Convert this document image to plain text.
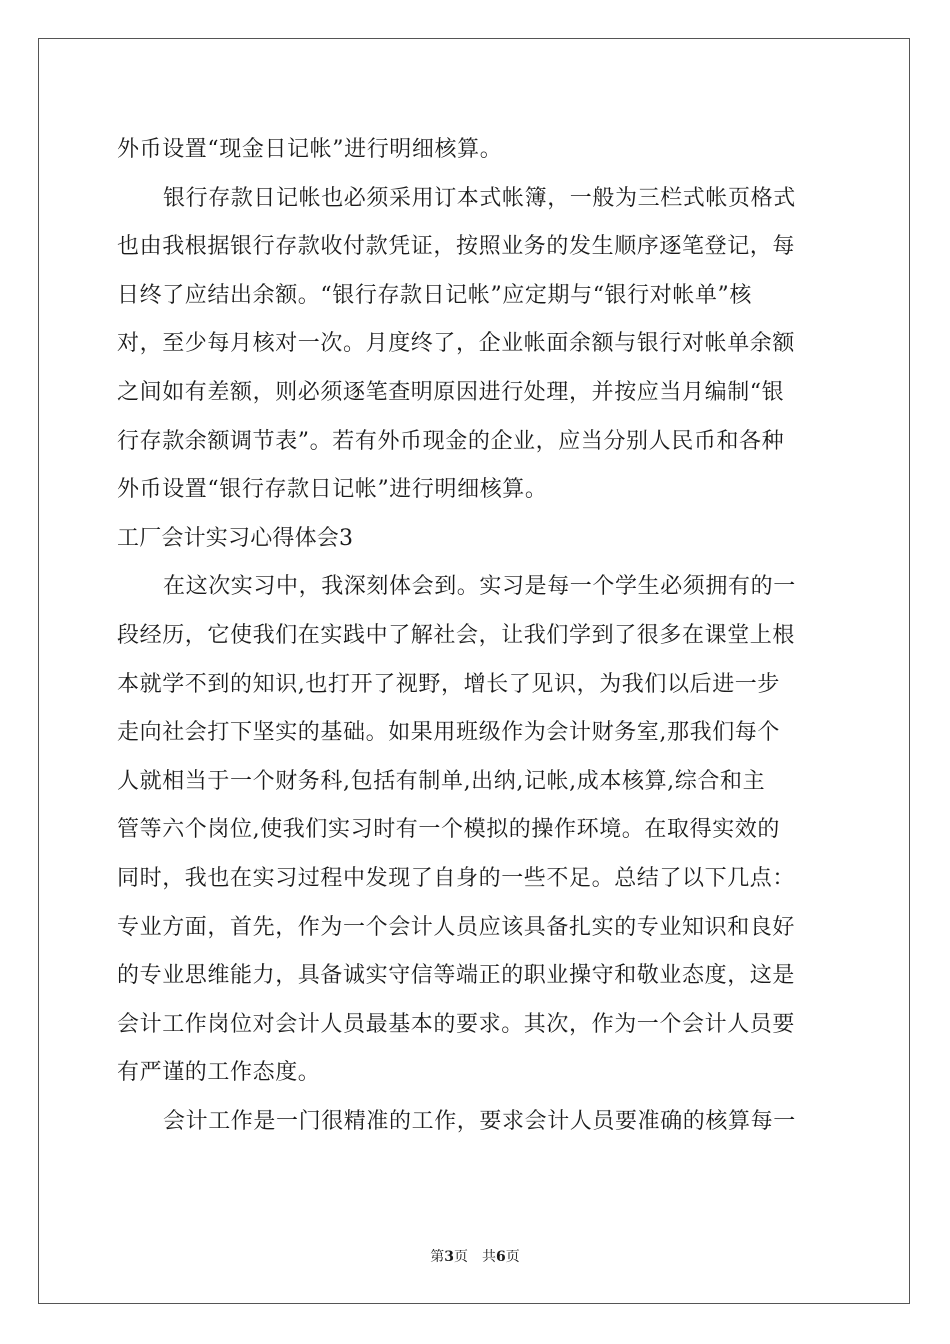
外币设置“现金日记帐”进行明细核算。
银行存款日记帐也必须采用订本式帐簿，一般为三栏式帐页格式
也由我根据银行存款收付款凭证，按照业务的发生顺序逐笔登记，每
日终了应结出余额。“银行存款日记帐”应定期与“银行对帐单”核
对，至少每月核对一次。月度终了，企业帐面余额与银行对帐单余额
之间如有差额，则必须逐笔查明原因进行处理，并按应当月编制“银
行存款余额调节表”。若有外币现金的企业，应当分别人民币和各种
外币设置“银行存款日记帐”进行明细核算。
工厂会计实习心得体会3
在这次实习中，我深刻体会到。实习是每一个学生必须拥有的一
段经历，它使我们在实践中了解社会，让我们学到了很多在课堂上根
本就学不到的知识,也打开了视野，增长了见识，为我们以后进一步
走向社会打下坚实的基础。如果用班级作为会计财务室,那我们每个
人就相当于一个财务科,包括有制单,出纳,记帐,成本核算,综合和主
管等六个岗位,使我们实习时有一个模拟的操作环境。在取得实效的
同时，我也在实习过程中发现了自身的一些不足。总结了以下几点：
专业方面，首先，作为一个会计人员应该具备扎实的专业知识和良好
的专业思维能力，具备诚实守信等端正的职业操守和敬业态度，这是
会计工作岗位对会计人员最基本的要求。其次，作为一个会计人员要
有严谨的工作态度。
会计工作是一门很精准的工作，要求会计人员要准确的核算每一
第3页 共6页
